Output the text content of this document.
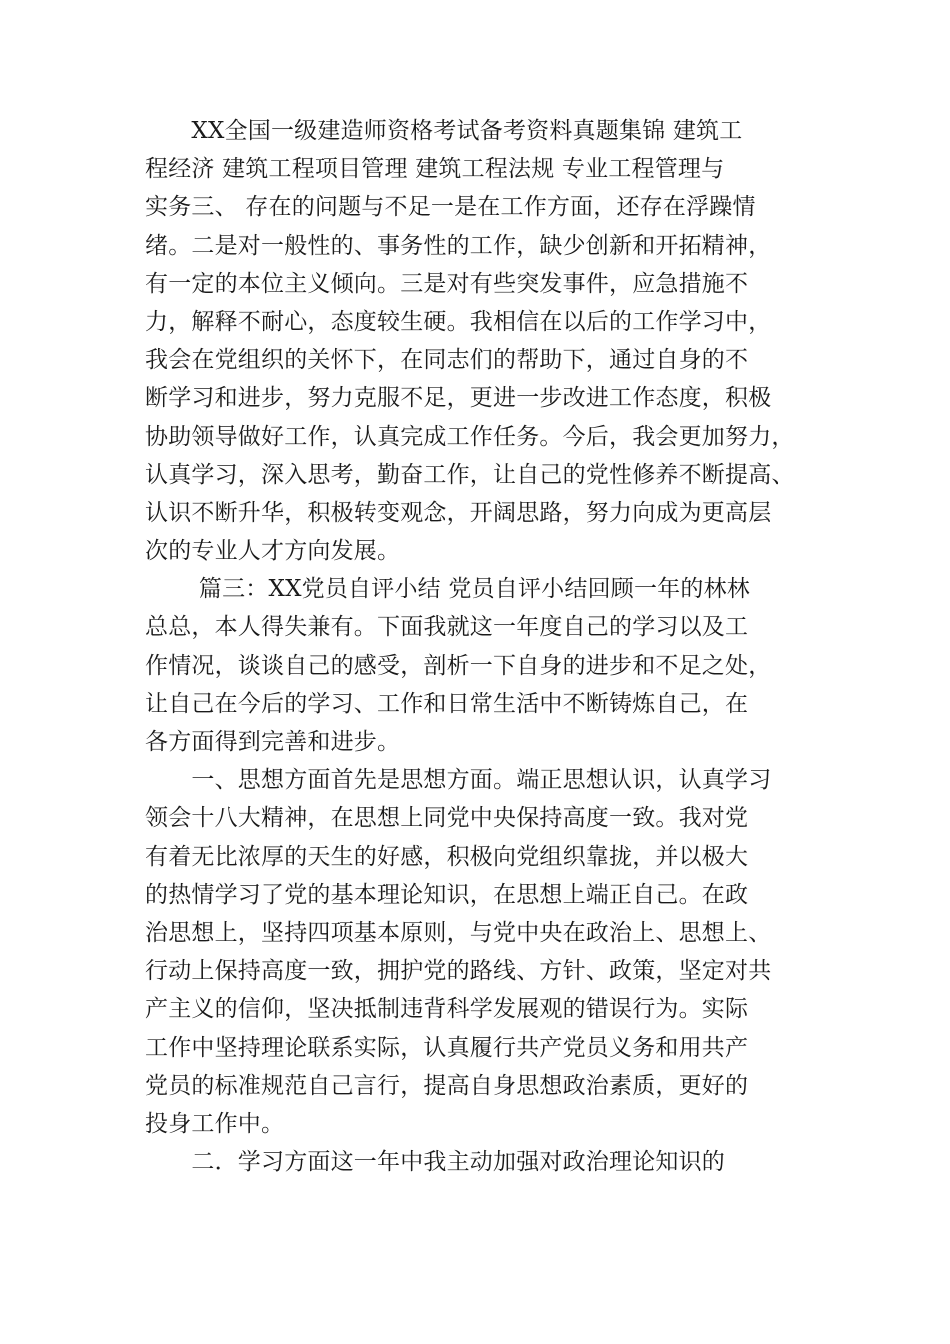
　　XX全国一级建造师资格考试备考资料真题集锦 建筑工
程经济 建筑工程项目管理 建筑工程法规 专业工程管理与
实务三、 存在的问题与不足一是在工作方面，还存在浮躁情
绪。二是对一般性的、事务性的工作，缺少创新和开拓精神，
有一定的本位主义倾向。三是对有些突发事件，应急措施不
力，解释不耐心，态度较生硬。我相信在以后的工作学习中，
我会在党组织的关怀下，在同志们的帮助下，通过自身的不
断学习和进步，努力克服不足，更进一步改进工作态度，积极
协助领导做好工作，认真完成工作任务。今后，我会更加努力，
认真学习，深入思考，勤奋工作，让自己的党性修养不断提高、
认识不断升华，积极转变观念，开阔思路，努力向成为更高层
次的专业人才方向发展。
　　 篇三：XX党员自评小结 党员自评小结回顾一年的林林
总总，本人得失兼有。下面我就这一年度自己的学习以及工
作情况，谈谈自己的感受，剖析一下自身的进步和不足之处，
让自己在今后的学习、工作和日常生活中不断铸炼自己，在
各方面得到完善和进步。
　　一、思想方面首先是思想方面。端正思想认识，认真学习
领会十八大精神，在思想上同党中央保持高度一致。我对党
有着无比浓厚的天生的好感，积极向党组织靠拢，并以极大
的热情学习了党的基本理论知识，在思想上端正自己。在政
治思想上，坚持四项基本原则，与党中央在政治上、思想上、
行动上保持高度一致，拥护党的路线、方针、政策，坚定对共
产主义的信仰，坚决抵制违背科学发展观的错误行为。实际
工作中坚持理论联系实际，认真履行共产党员义务和用共产
党员的标准规范自己言行，提高自身思想政治素质，更好的
投身工作中。
　　二．学习方面这一年中我主动加强对政治理论知识的
